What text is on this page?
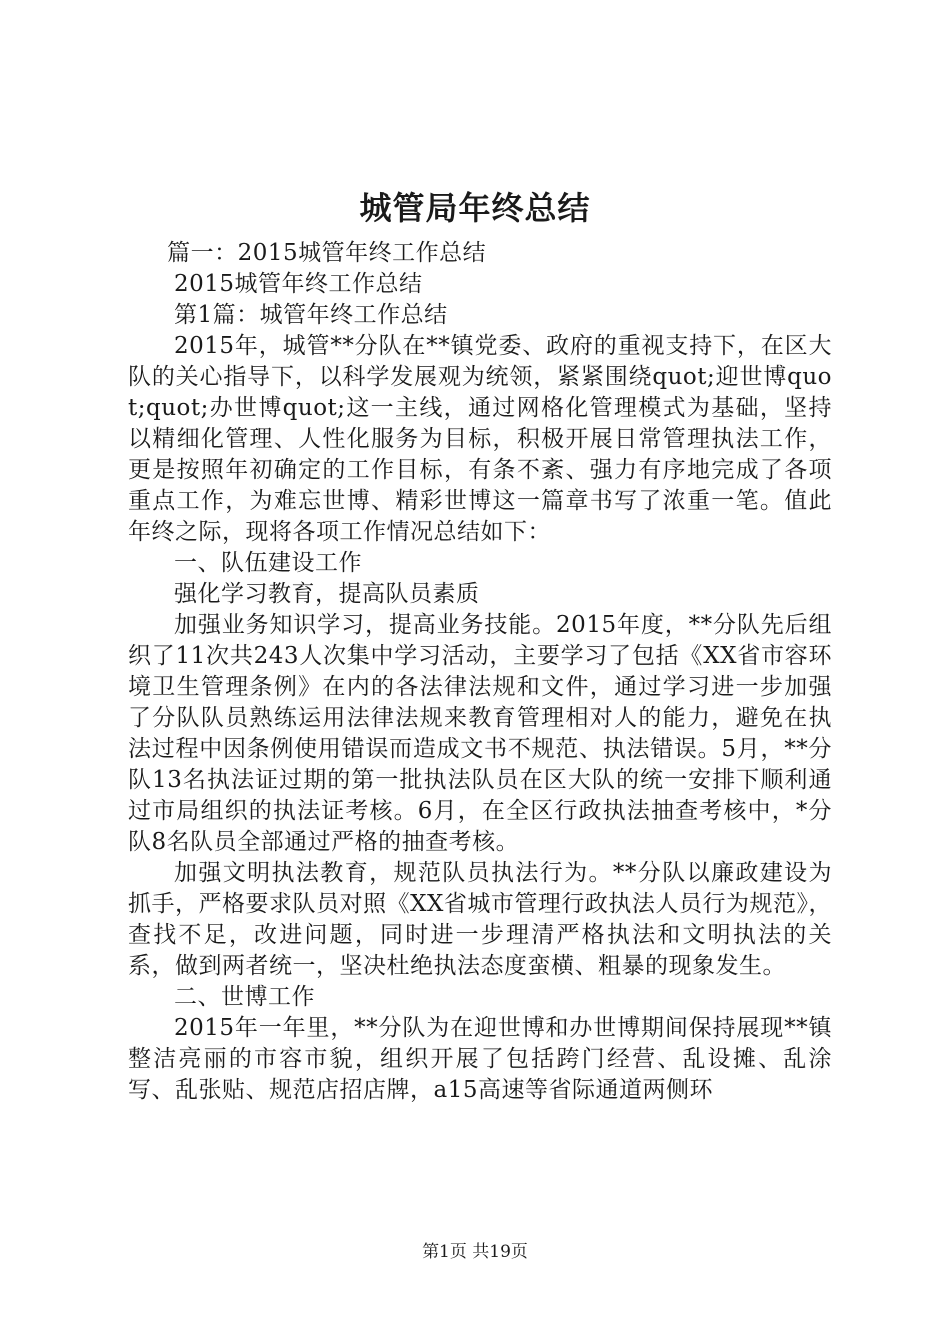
城管局年终总结

篇一：2015城管年终工作总结

2015城管年终工作总结

第1篇：城管年终工作总结

2015年，城管**分队在**镇党委、政府的重视支持下，在区大队的关心指导下，以科学发展观为统领，紧紧围绕quot;迎世博quot;quot;办世博quot;这一主线，通过网格化管理模式为基础，坚持以精细化管理、人性化服务为目标，积极开展日常管理执法工作，更是按照年初确定的工作目标，有条不紊、强力有序地完成了各项重点工作，为难忘世博、精彩世博这一篇章书写了浓重一笔。值此年终之际，现将各项工作情况总结如下：

一、队伍建设工作

强化学习教育，提高队员素质

加强业务知识学习，提高业务技能。2015年度，**分队先后组织了11次共243人次集中学习活动，主要学习了包括《XX省市容环境卫生管理条例》在内的各法律法规和文件，通过学习进一步加强了分队队员熟练运用法律法规来教育管理相对人的能力，避免在执法过程中因条例使用错误而造成文书不规范、执法错误。5月，**分队13名执法证过期的第一批执法队员在区大队的统一安排下顺利通过市局组织的执法证考核。6月，在全区行政执法抽查考核中，*分队8名队员全部通过严格的抽查考核。

加强文明执法教育，规范队员执法行为。**分队以廉政建设为抓手，严格要求队员对照《XX省城市管理行政执法人员行为规范》，查找不足，改进问题，同时进一步理清严格执法和文明执法的关系，做到两者统一，坚决杜绝执法态度蛮横、粗暴的现象发生。

二、世博工作

2015年一年里，**分队为在迎世博和办世博期间保持展现**镇整洁亮丽的市容市貌，组织开展了包括跨门经营、乱设摊、乱涂写、乱张贴、规范店招店牌，a15高速等省际通道两侧环

第1页 共19页
